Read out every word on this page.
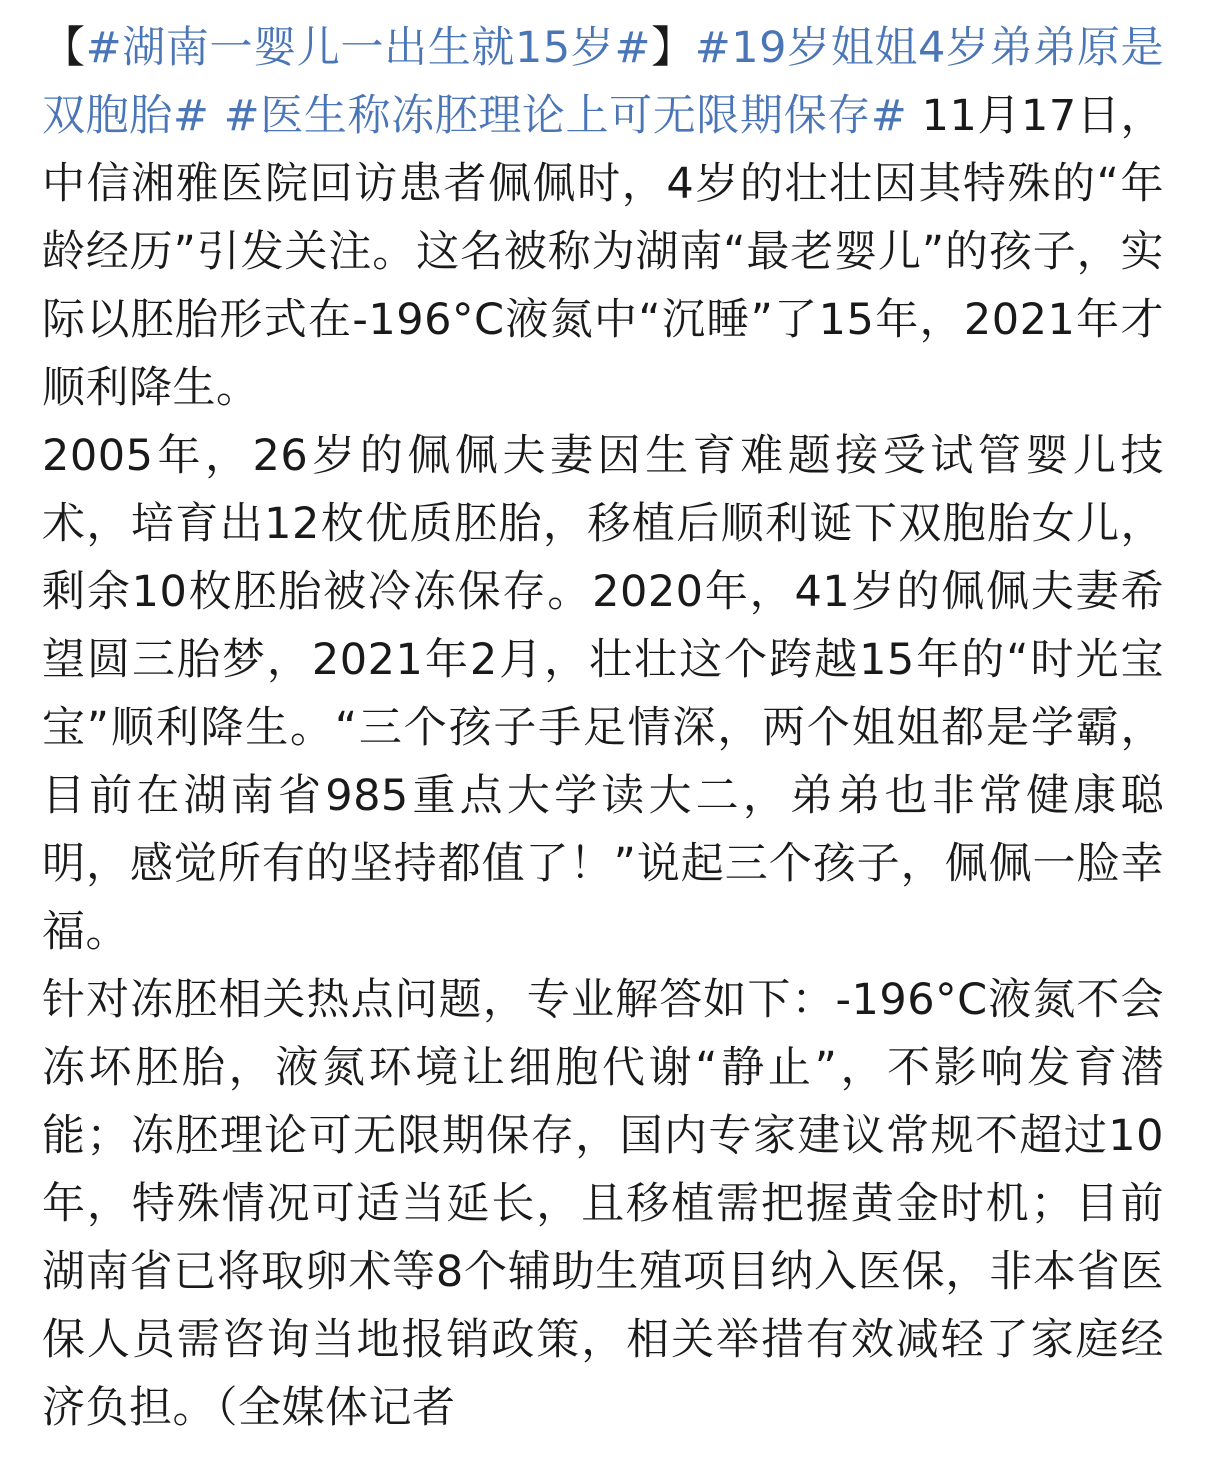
【#湖南一婴儿一出生就15岁#】#19岁姐姐4岁弟弟原是双胞胎# #医生称冻胚理论上可无限期保存# 11月17日，中信湘雅医院回访患者佩佩时，4岁的壮壮因其特殊的“年龄经历”引发关注。这名被称为湖南“最老婴儿”的孩子，实际以胚胎形式在-196°C液氮中“沉睡”了15年，2021年才顺利降生。

2005年，26岁的佩佩夫妻因生育难题接受试管婴儿技术，培育出12枚优质胚胎，移植后顺利诞下双胞胎女儿，剩余10枚胚胎被冷冻保存。2020年，41岁的佩佩夫妻希望圆三胎梦，2021年2月，壮壮这个跨越15年的“时光宝宝”顺利降生。“三个孩子手足情深，两个姐姐都是学霸，目前在湖南省985重点大学读大二，弟弟也非常健康聪明，感觉所有的坚持都值了！”说起三个孩子，佩佩一脸幸福。

针对冻胚相关热点问题，专业解答如下：-196°C液氮不会冻坏胚胎，液氮环境让细胞代谢“静止”，不影响发育潜能；冻胚理论可无限期保存，国内专家建议常规不超过10年，特殊情况可适当延长，且移植需把握黄金时机；目前湖南省已将取卵术等8个辅助生殖项目纳入医保，非本省医保人员需咨询当地报销政策，相关举措有效减轻了家庭经济负担。（全媒体记者
